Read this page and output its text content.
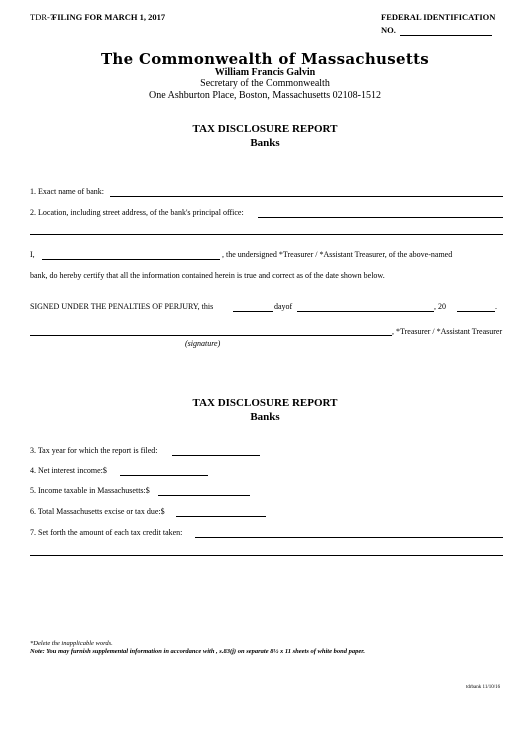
TDR-7
FILING FOR MARCH 1, 2017	FEDERAL IDENTIFICATION
NO.
The Commonwealth of Massachusetts
William Francis Galvin
Secretary of the Commonwealth
One Ashburton Place, Boston, Massachusetts 02108-1512
TAX DISCLOSURE REPORT
Banks
1. Exact name of bank:
2. Location, including street address, of the bank's principal office:
I,	, the undersigned *Treasurer / *Assistant Treasurer, of the above-named
bank, do hereby certify that all the information contained herein is true and correct as of the date shown below.
SIGNED UNDER THE PENALTIES OF PERJURY, this	dayof	, 20	.
, *Treasurer / *Assistant Treasurer
(signature)
TAX DISCLOSURE REPORT
Banks
3. Tax year for which the report is filed:
4. Net interest income:$
5. Income taxable in Massachusetts:$
6. Total Massachusetts excise or tax due:$
7. Set forth the amount of each tax credit taken:
*Delete the inapplicable words.
Note: You may furnish supplemental information in accordance with , s.83(j) on separate 8½ x 11 sheets of white bond paper.
tdrbank 11/10/16
